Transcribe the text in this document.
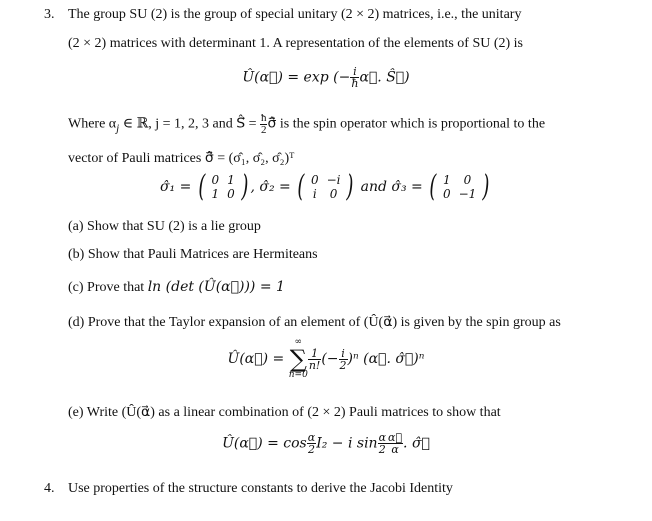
3. The group SU (2) is the group of special unitary (2 × 2) matrices, i.e., the unitary
(2 × 2) matrices with determinant 1. A representation of the elements of SU (2) is
Û(α⃗) = exp (− $\frac{i}{ħ}$ α⃗. Ŝ⃗)
Where $\alpha_j$ ∈ ℝ, j = 1, 2, 3 and Ŝ⃗ = $\frac{ħ}{2}$ σ̂⃗ is the spin operator which is proportional to the
vector of Pauli matrices σ̂⃗ = (σ̂₁, σ̂₂, σ̂₂)ᵀ
σ̂₁ = ( 0	1
1	0 ) , σ̂₂ = ( 0	−i
i	0 ) and σ̂₃ = ( 1	0
0	−1 )
(a) Show that SU (2) is a lie group
(b) Show that Pauli Matrices are Hermiteans
(c) Prove that ln (det (Û(α⃗))) = 1
(d) Prove that the Taylor expansion of an element of (Û(α⃗) is given by the spin group as
Û(α⃗) =
∞
∑
n=0
$\frac{1}{n!}$ (− $\frac{i}{2} )^n$ (α⃗. σ̂⃗)ⁿ
(e) Write (Û(α⃗) as a linear combination of (2 × 2) Pauli matrices to show that
Û(α⃗) = $\cos \frac{\alpha}{2} I_2 - i$ $\sin \frac{\alpha}{2} \frac{\alpha⃗}{\alpha}$ . σ̂⃗
4. Use properties of the structure constants to derive the Jacobi Identity
